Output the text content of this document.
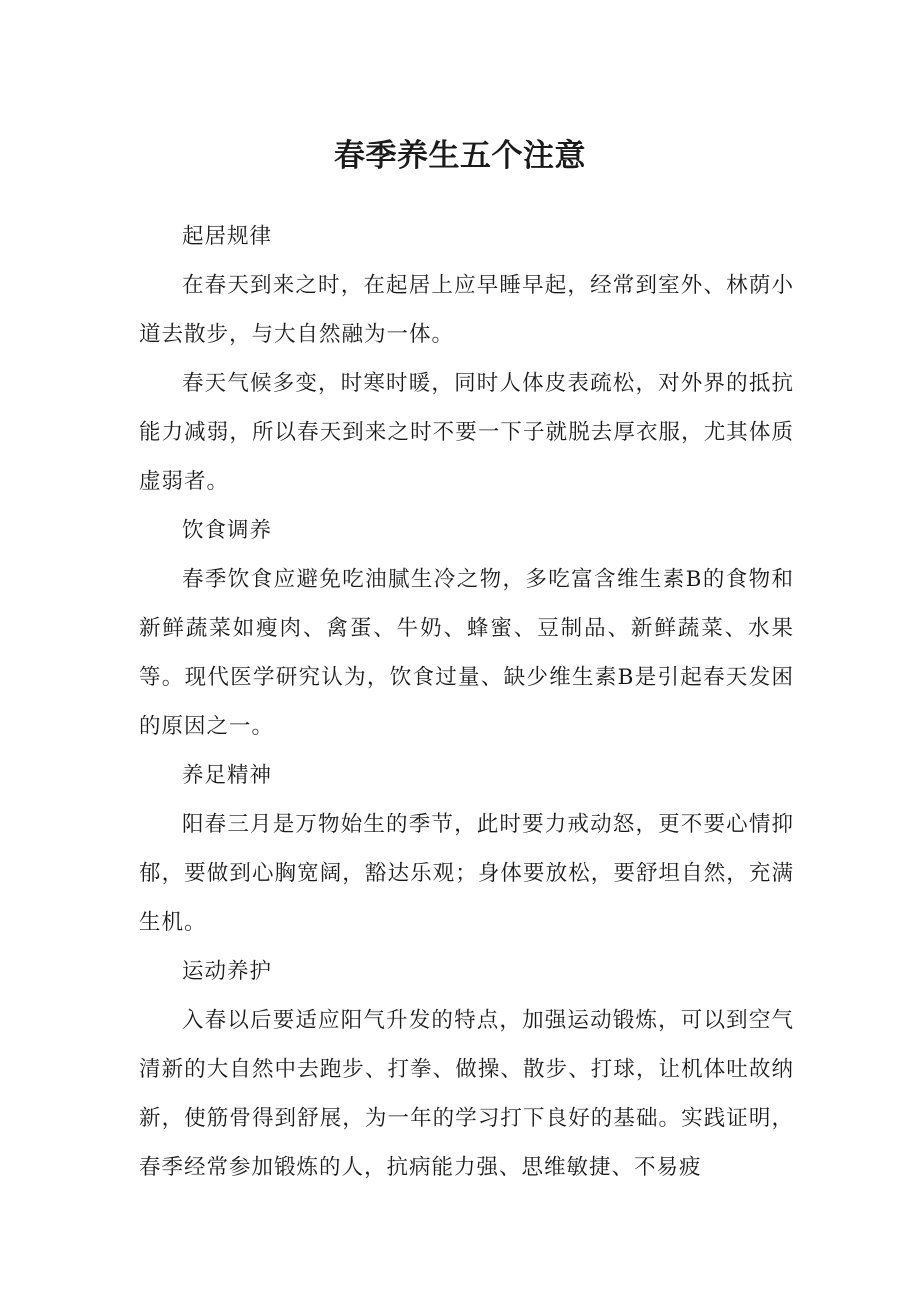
春季养生五个注意

起居规律

在春天到来之时，在起居上应早睡早起，经常到室外、林荫小道去散步，与大自然融为一体。

春天气候多变，时寒时暖，同时人体皮表疏松，对外界的抵抗能力减弱，所以春天到来之时不要一下子就脱去厚衣服，尤其体质虚弱者。

饮食调养

春季饮食应避免吃油腻生冷之物，多吃富含维生素B的食物和新鲜蔬菜如瘦肉、禽蛋、牛奶、蜂蜜、豆制品、新鲜蔬菜、水果等。现代医学研究认为，饮食过量、缺少维生素B是引起春天发困的原因之一。

养足精神

阳春三月是万物始生的季节，此时要力戒动怒，更不要心情抑郁，要做到心胸宽阔，豁达乐观；身体要放松，要舒坦自然，充满生机。

运动养护

入春以后要适应阳气升发的特点，加强运动锻炼，可以到空气清新的大自然中去跑步、打拳、做操、散步、打球，让机体吐故纳新，使筋骨得到舒展，为一年的学习打下良好的基础。实践证明，春季经常参加锻炼的人，抗病能力强、思维敏捷、不易疲
